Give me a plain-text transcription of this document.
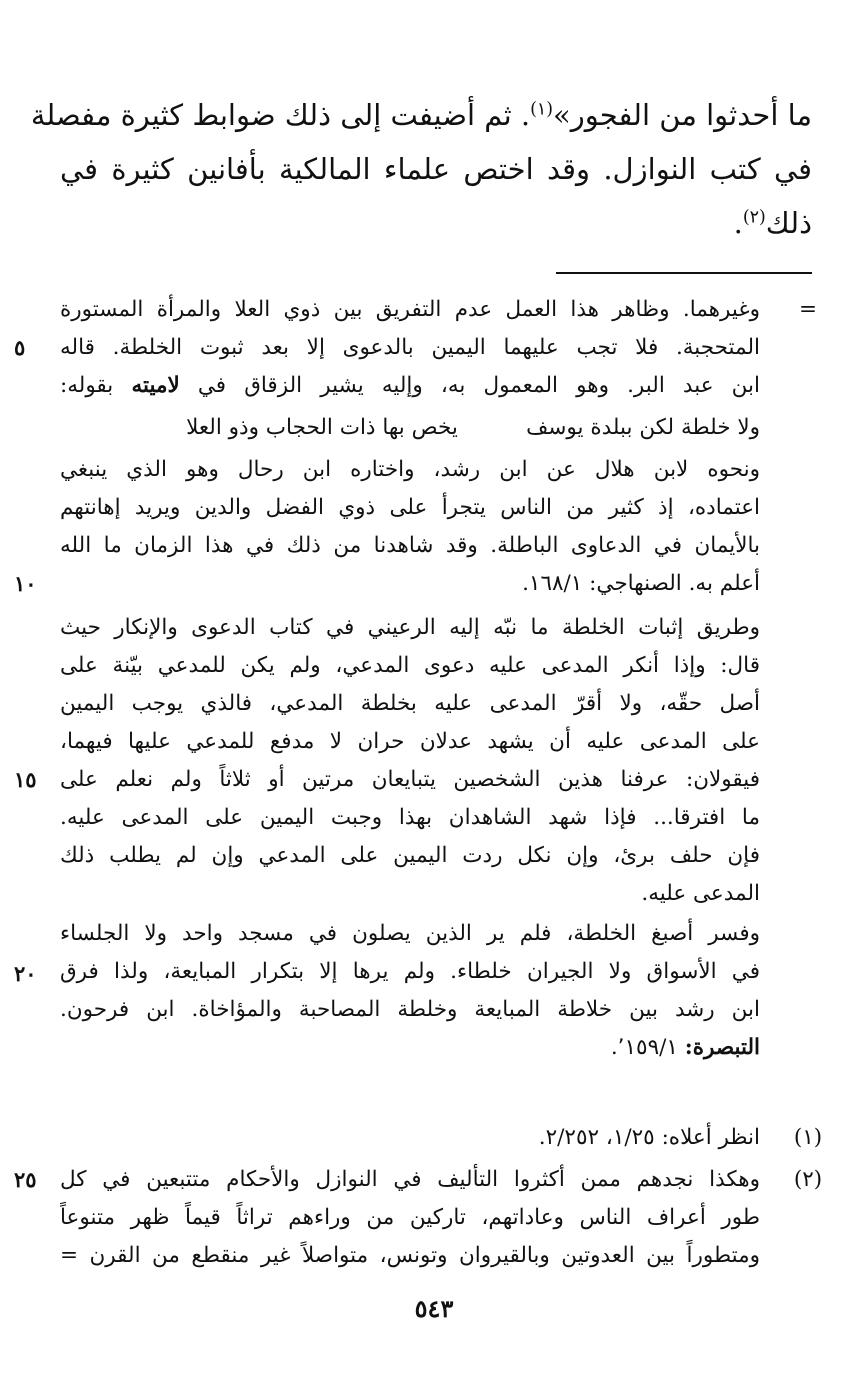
ما أحدثوا من الفجور»$^{(١)}$. ثم أضيفت إلى ذلك ضوابط كثيرة مفصلة
في كتب النوازل. وقد اختص علماء المالكية بأفانين كثيرة في
ذلك$^{(٢)}$.
=
وغيرهما. وظاهر هذا العمل عدم التفريق بين ذوي العلا والمرأة المستورة
المتحجبة. فلا تجب عليهما اليمين بالدعوى إلا بعد ثبوت الخلطة. قاله
ابن عبد البر. وهو المعمول به، وإليه يشير الزقاق في لاميته بقوله:
ولا خلطة لكن ببلدة يوسف          يخص بها ذات الحجاب وذو العلا
ونحوه لابن هلال عن ابن رشد، واختاره ابن رحال وهو الذي ينبغي
اعتماده، إذ كثير من الناس يتجرأ على ذوي الفضل والدين ويريد إهانتهم
بالأيمان في الدعاوى الباطلة. وقد شاهدنا من ذلك في هذا الزمان ما الله
أعلم به. الصنهاجي: ١٦٨/١.
وطريق إثبات الخلطة ما نبّه إليه الرعيني في كتاب الدعوى والإنكار حيث
قال: وإذا أنكر المدعى عليه دعوى المدعي، ولم يكن للمدعي بيّنة على
أصل حقّه، ولا أقرّ المدعى عليه بخلطة المدعي، فالذي يوجب اليمين
على المدعى عليه أن يشهد عدلان حران لا مدفع للمدعي عليها فيهما،
فيقولان: عرفنا هذين الشخصين يتبايعان مرتين أو ثلاثاً ولم نعلم على
ما افترقا... فإذا شهد الشاهدان بهذا وجبت اليمين على المدعى عليه.
فإن حلف برئ، وإن نكل ردت اليمين على المدعي وإن لم يطلب ذلك
المدعى عليه.
وفسر أصبغ الخلطة، فلم ير الذين يصلون في مسجد واحد ولا الجلساء
في الأسواق ولا الجيران خلطاء. ولم يرها إلا بتكرار المبايعة، ولذا فرق
ابن رشد بين خلاطة المبايعة وخلطة المصاحبة والمؤاخاة. ابن فرحون.
التبصرة: ٬١٥٩/١.
(١)
انظر أعلاه: ١/٢٥، ٢/٢٥٢.
(٢)
وهكذا نجدهم ممن أكثروا التأليف في النوازل والأحكام متتبعين في كل
طور أعراف الناس وعاداتهم، تاركين من وراءهم تراثاً قيماً ظهر متنوعاً
ومتطوراً بين العدوتين وبالقيروان وتونس، متواصلاً غير منقطع من القرن =
٥
١٠
١٥
٢٠
٢٥
٥٤٣
